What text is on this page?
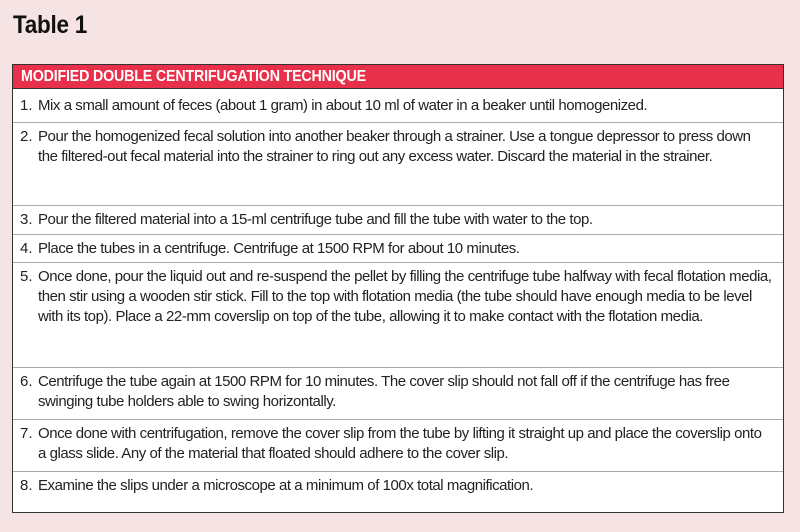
Table 1
MODIFIED DOUBLE CENTRIFUGATION TECHNIQUE
1. Mix a small amount of feces (about 1 gram) in about 10 ml of water in a beaker until homogenized.
2. Pour the homogenized fecal solution into another beaker through a strainer. Use a tongue depressor to press down the filtered-out fecal material into the strainer to ring out any excess water. Discard the material in the strainer.
3. Pour the filtered material into a 15-ml centrifuge tube and fill the tube with water to the top.
4. Place the tubes in a centrifuge. Centrifuge at 1500 RPM for about 10 minutes.
5. Once done, pour the liquid out and re-suspend the pellet by filling the centrifuge tube halfway with fecal flotation media, then stir using a wooden stir stick. Fill to the top with flotation media (the tube should have enough media to be level with its top). Place a 22-mm coverslip on top of the tube, allowing it to make contact with the flotation media.
6. Centrifuge the tube again at 1500 RPM for 10 minutes. The cover slip should not fall off if the centrifuge has free swinging tube holders able to swing horizontally.
7. Once done with centrifugation, remove the cover slip from the tube by lifting it straight up and place the coverslip onto a glass slide. Any of the material that floated should adhere to the cover slip.
8. Examine the slips under a microscope at a minimum of 100x total magnification.
